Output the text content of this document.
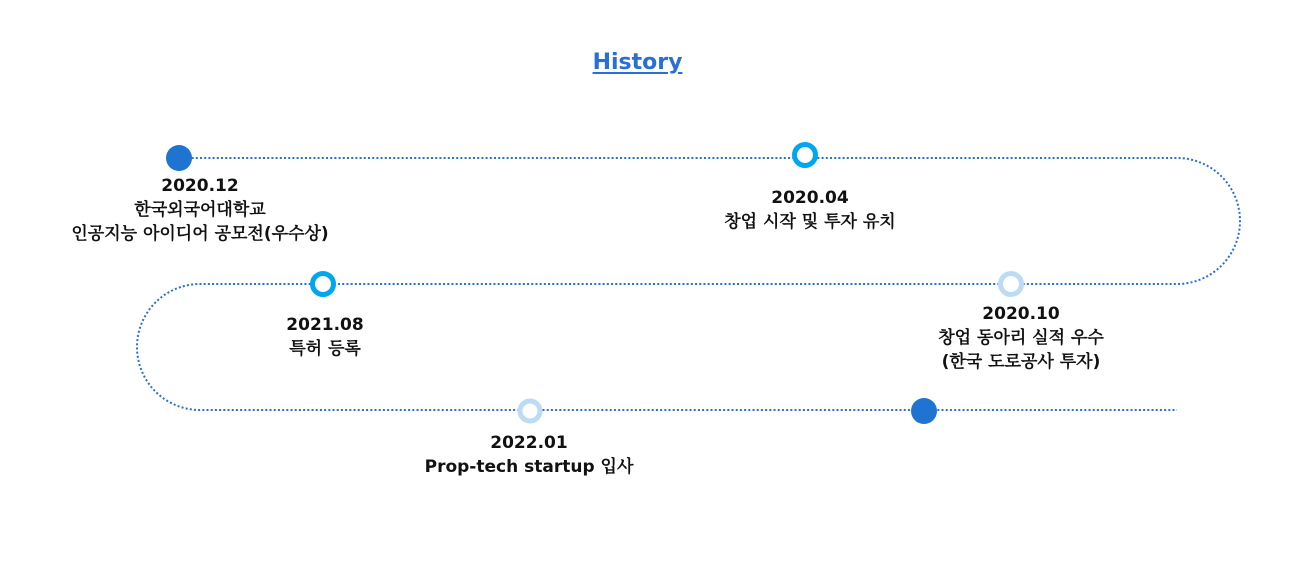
History
2020.12
한국외국어대학교
인공지능 아이디어 공모전(우수상)
2020.04
창업 시작 및 투자 유치
2020.10
창업 동아리 실적 우수
(한국 도로공사 투자)
2021.08
특허 등록
2022.01
Prop-tech startup 입사
